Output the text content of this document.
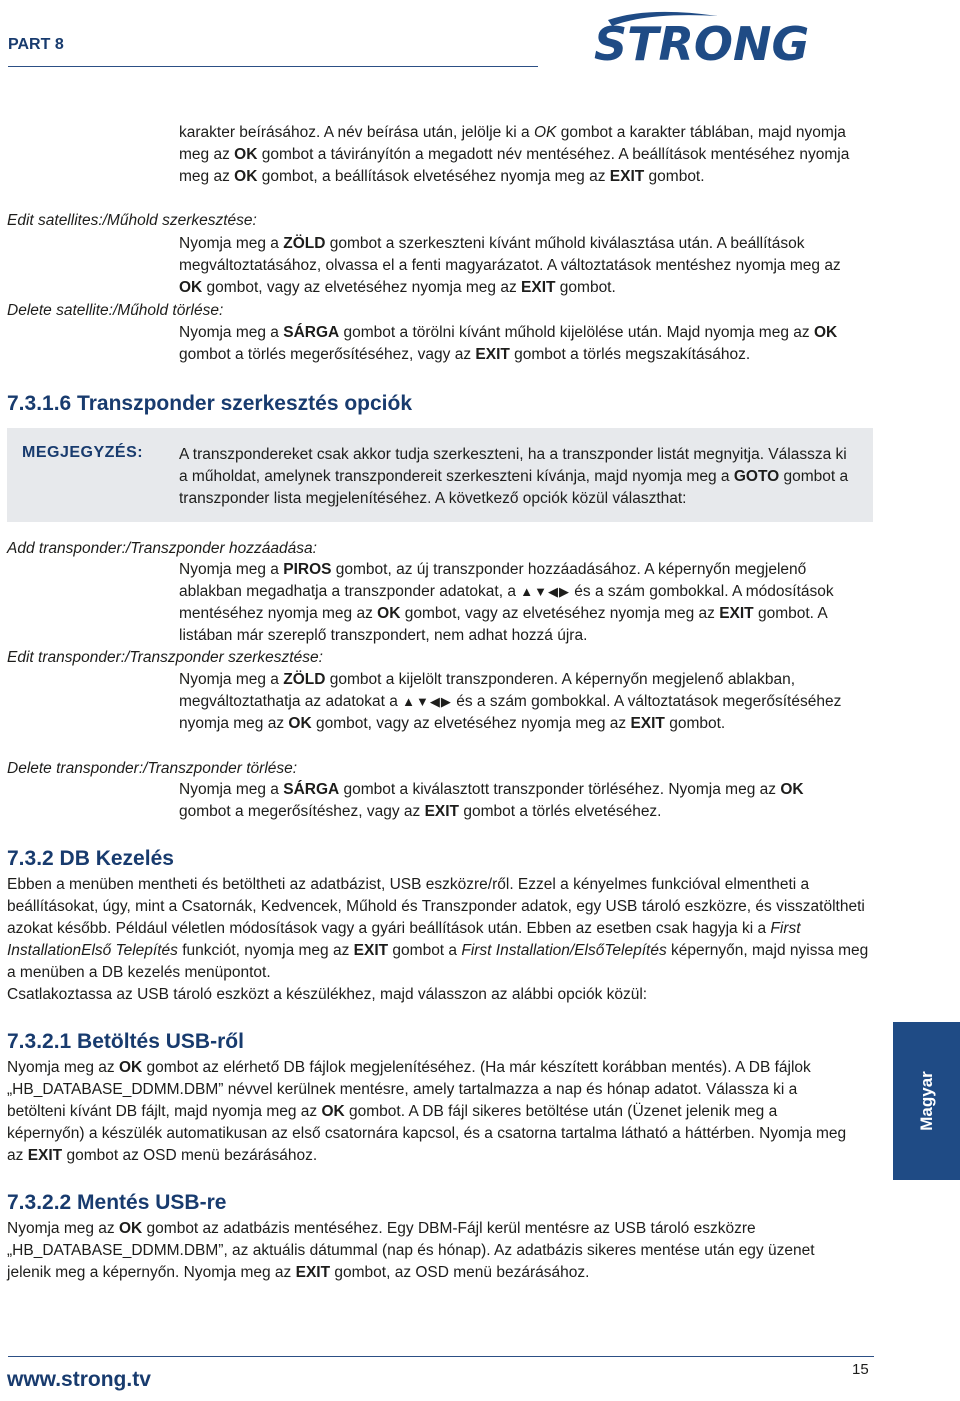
PART 8	STRONG
karakter beírásához. A név beírása után, jelölje ki a OK gombot a karakter táblában, majd nyomja meg az OK gombot a távirányítón a megadott név mentéséhez. A beállítások mentéséhez nyomja meg az OK gombot, a beállítások elvetéséhez nyomja meg az EXIT gombot.
Edit satellites:/Műhold szerkesztése:
Nyomja meg a ZÖLD gombot a szerkeszteni kívánt műhold kiválasztása után. A beállítások megváltoztatásához, olvassa el a fenti magyarázatot. A változtatások mentéshez nyomja meg az OK gombot, vagy az elvetéséhez nyomja meg az EXIT gombot.
Delete satellite:/Műhold törlése:
Nyomja meg a SÁRGA gombot a törölni kívánt műhold kijelölése után. Majd nyomja meg az OK gombot a törlés megerősítéséhez, vagy az EXIT gombot a törlés megszakításához.
7.3.1.6 Transzponder szerkesztés opciók
MEGJEGYZÉS: A transzpondereket csak akkor tudja szerkeszteni, ha a transzponder listát megnyitja. Válassza ki a műholdat, amelynek transzpondereit szerkeszteni kívánja, majd nyomja meg a GOTO gombot a transzponder lista megjelenítéséhez. A következő opciók közül választhat:
Add transponder:/Transzponder hozzáadása:
Nyomja meg a PIROS gombot, az új transzponder hozzáadásához. A képernyőn megjelenő ablakban megadhatja a transzponder adatokat, a ▲▼◀▶ és a szám gombokkal. A módosítások mentéséhez nyomja meg az OK gombot, vagy az elvetéséhez nyomja meg az EXIT gombot. A listában már szereplő transzpondert, nem adhat hozzá újra.
Edit transponder:/Transzponder szerkesztése:
Nyomja meg a ZÖLD gombot a kijelölt transzponderen. A képernyőn megjelenő ablakban, megváltoztathatja az adatokat a ▲▼◀▶ és a szám gombokkal. A változtatások megerősítéséhez nyomja meg az OK gombot, vagy az elvetéséhez nyomja meg az EXIT gombot.
Delete transponder:/Transzponder törlése:
Nyomja meg a SÁRGA gombot a kiválasztott transzponder törléséhez. Nyomja meg az OK gombot a megerősítéshez, vagy az EXIT gombot a törlés elvetéséhez.
7.3.2 DB Kezelés
Ebben a menüben mentheti és betöltheti az adatbázist, USB eszközre/ről. Ezzel a kényelmes funkcióval elmentheti a beállításokat, úgy, mint a Csatornák, Kedvencek, Műhold és Transzponder adatok, egy USB tároló eszközre, és visszatöltheti azokat később. Például véletlen módosítások vagy a gyári beállítások után. Ebben az esetben csak hagyja ki a First InstallationElső Telepítés funkciót, nyomja meg az EXIT gombot a First Installation/ElsőTelepítés képernyőn, majd nyissa meg a menüben a DB kezelés menüpontot.
Csatlakoztassa az USB tároló eszközt a készülékhez, majd válasszon az alábbi opciók közül:
7.3.2.1 Betöltés USB-ről
Nyomja meg az OK gombot az elérhető DB fájlok megjelenítéséhez. (Ha már készített korábban mentés). A DB fájlok „HB_DATABASE_DDMM.DBM” névvel kerülnek mentésre, amely tartalmazza a nap és hónap adatot. Válassza ki a betölteni kívánt DB fájlt, majd nyomja meg az OK gombot. A DB fájl sikeres betöltése után (Üzenet jelenik meg a képernyőn) a készülék automatikusan az első csatornára kapcsol, és a csatorna tartalma látható a háttérben. Nyomja meg az EXIT gombot az OSD menü bezárásához.
Magyar
7.3.2.2 Mentés USB-re
Nyomja meg az OK gombot az adatbázis mentéséhez. Egy DBM-Fájl kerül mentésre az USB tároló eszközre „HB_DATABASE_DDMM.DBM”, az aktuális dátummal (nap és hónap). Az adatbázis sikeres mentése után egy üzenet jelenik meg a képernyőn. Nyomja meg az EXIT gombot, az OSD menü bezárásához.
www.strong.tv	15
